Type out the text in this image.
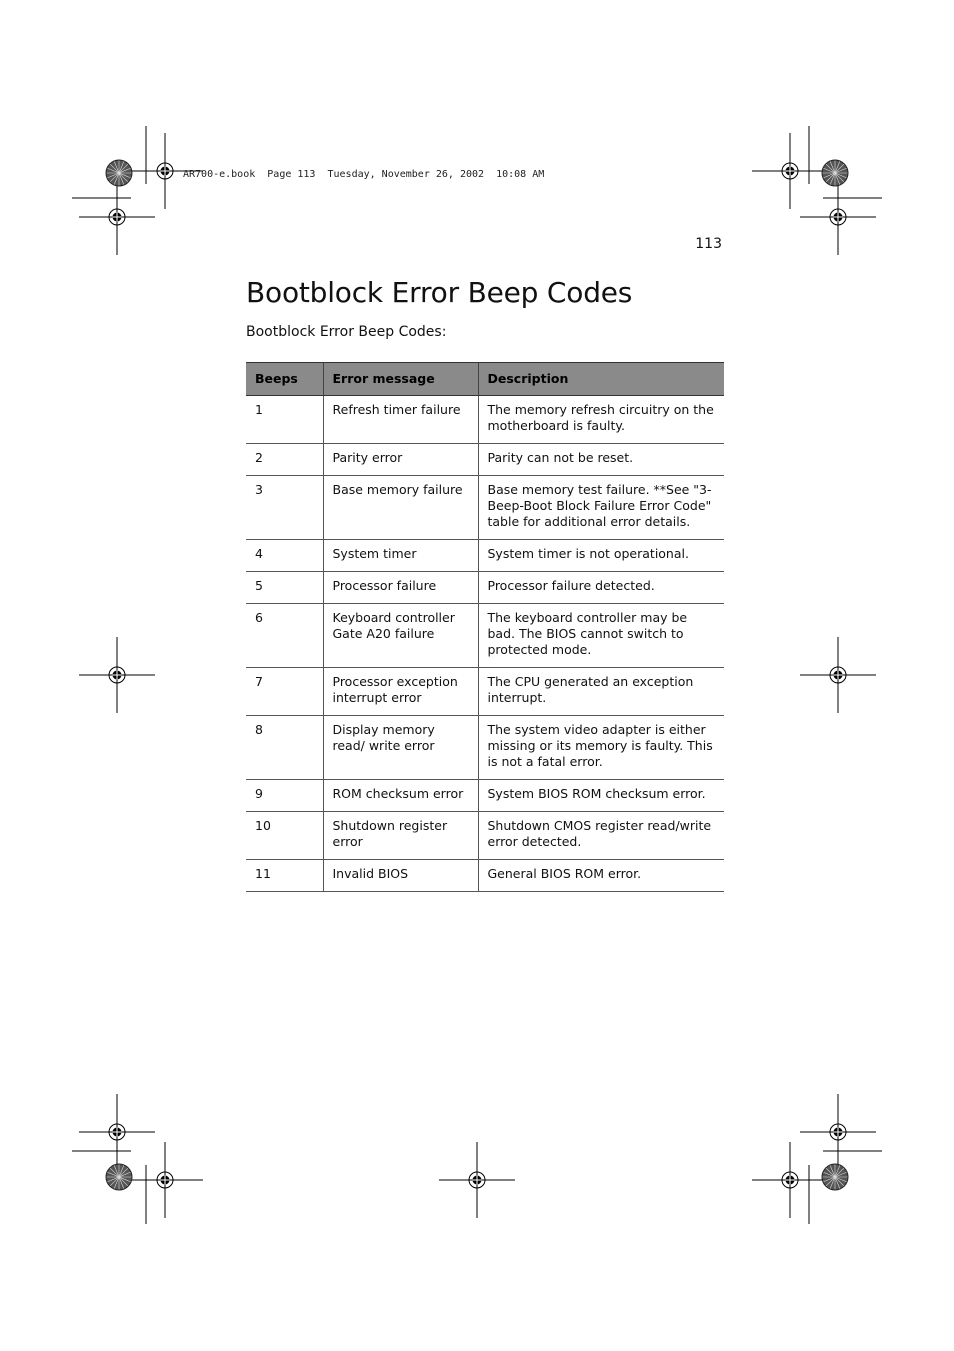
AR700-e.book  Page 113  Tuesday, November 26, 2002  10:08 AM
113
Bootblock Error Beep Codes

Bootblock Error Beep Codes:

Beeps	Error message	Description
1	Refresh timer failure	The memory refresh circuitry on the motherboard is faulty.
2	Parity error	Parity can not be reset.
3	Base memory failure	Base memory test failure. **See "3-Beep-Boot Block Failure Error Code" table for additional error details.
4	System timer	System timer is not operational.
5	Processor failure	Processor failure detected.
6	Keyboard controller Gate A20 failure	The keyboard controller may be bad. The BIOS cannot switch to protected mode.
7	Processor exception interrupt error	The CPU generated an exception interrupt.
8	Display memory read/ write error	The system video adapter is either missing or its memory is faulty. This is not a fatal error.
9	ROM checksum error	System BIOS ROM checksum error.
10	Shutdown register error	Shutdown CMOS register read/write error detected.
11	Invalid BIOS	General BIOS ROM error.
